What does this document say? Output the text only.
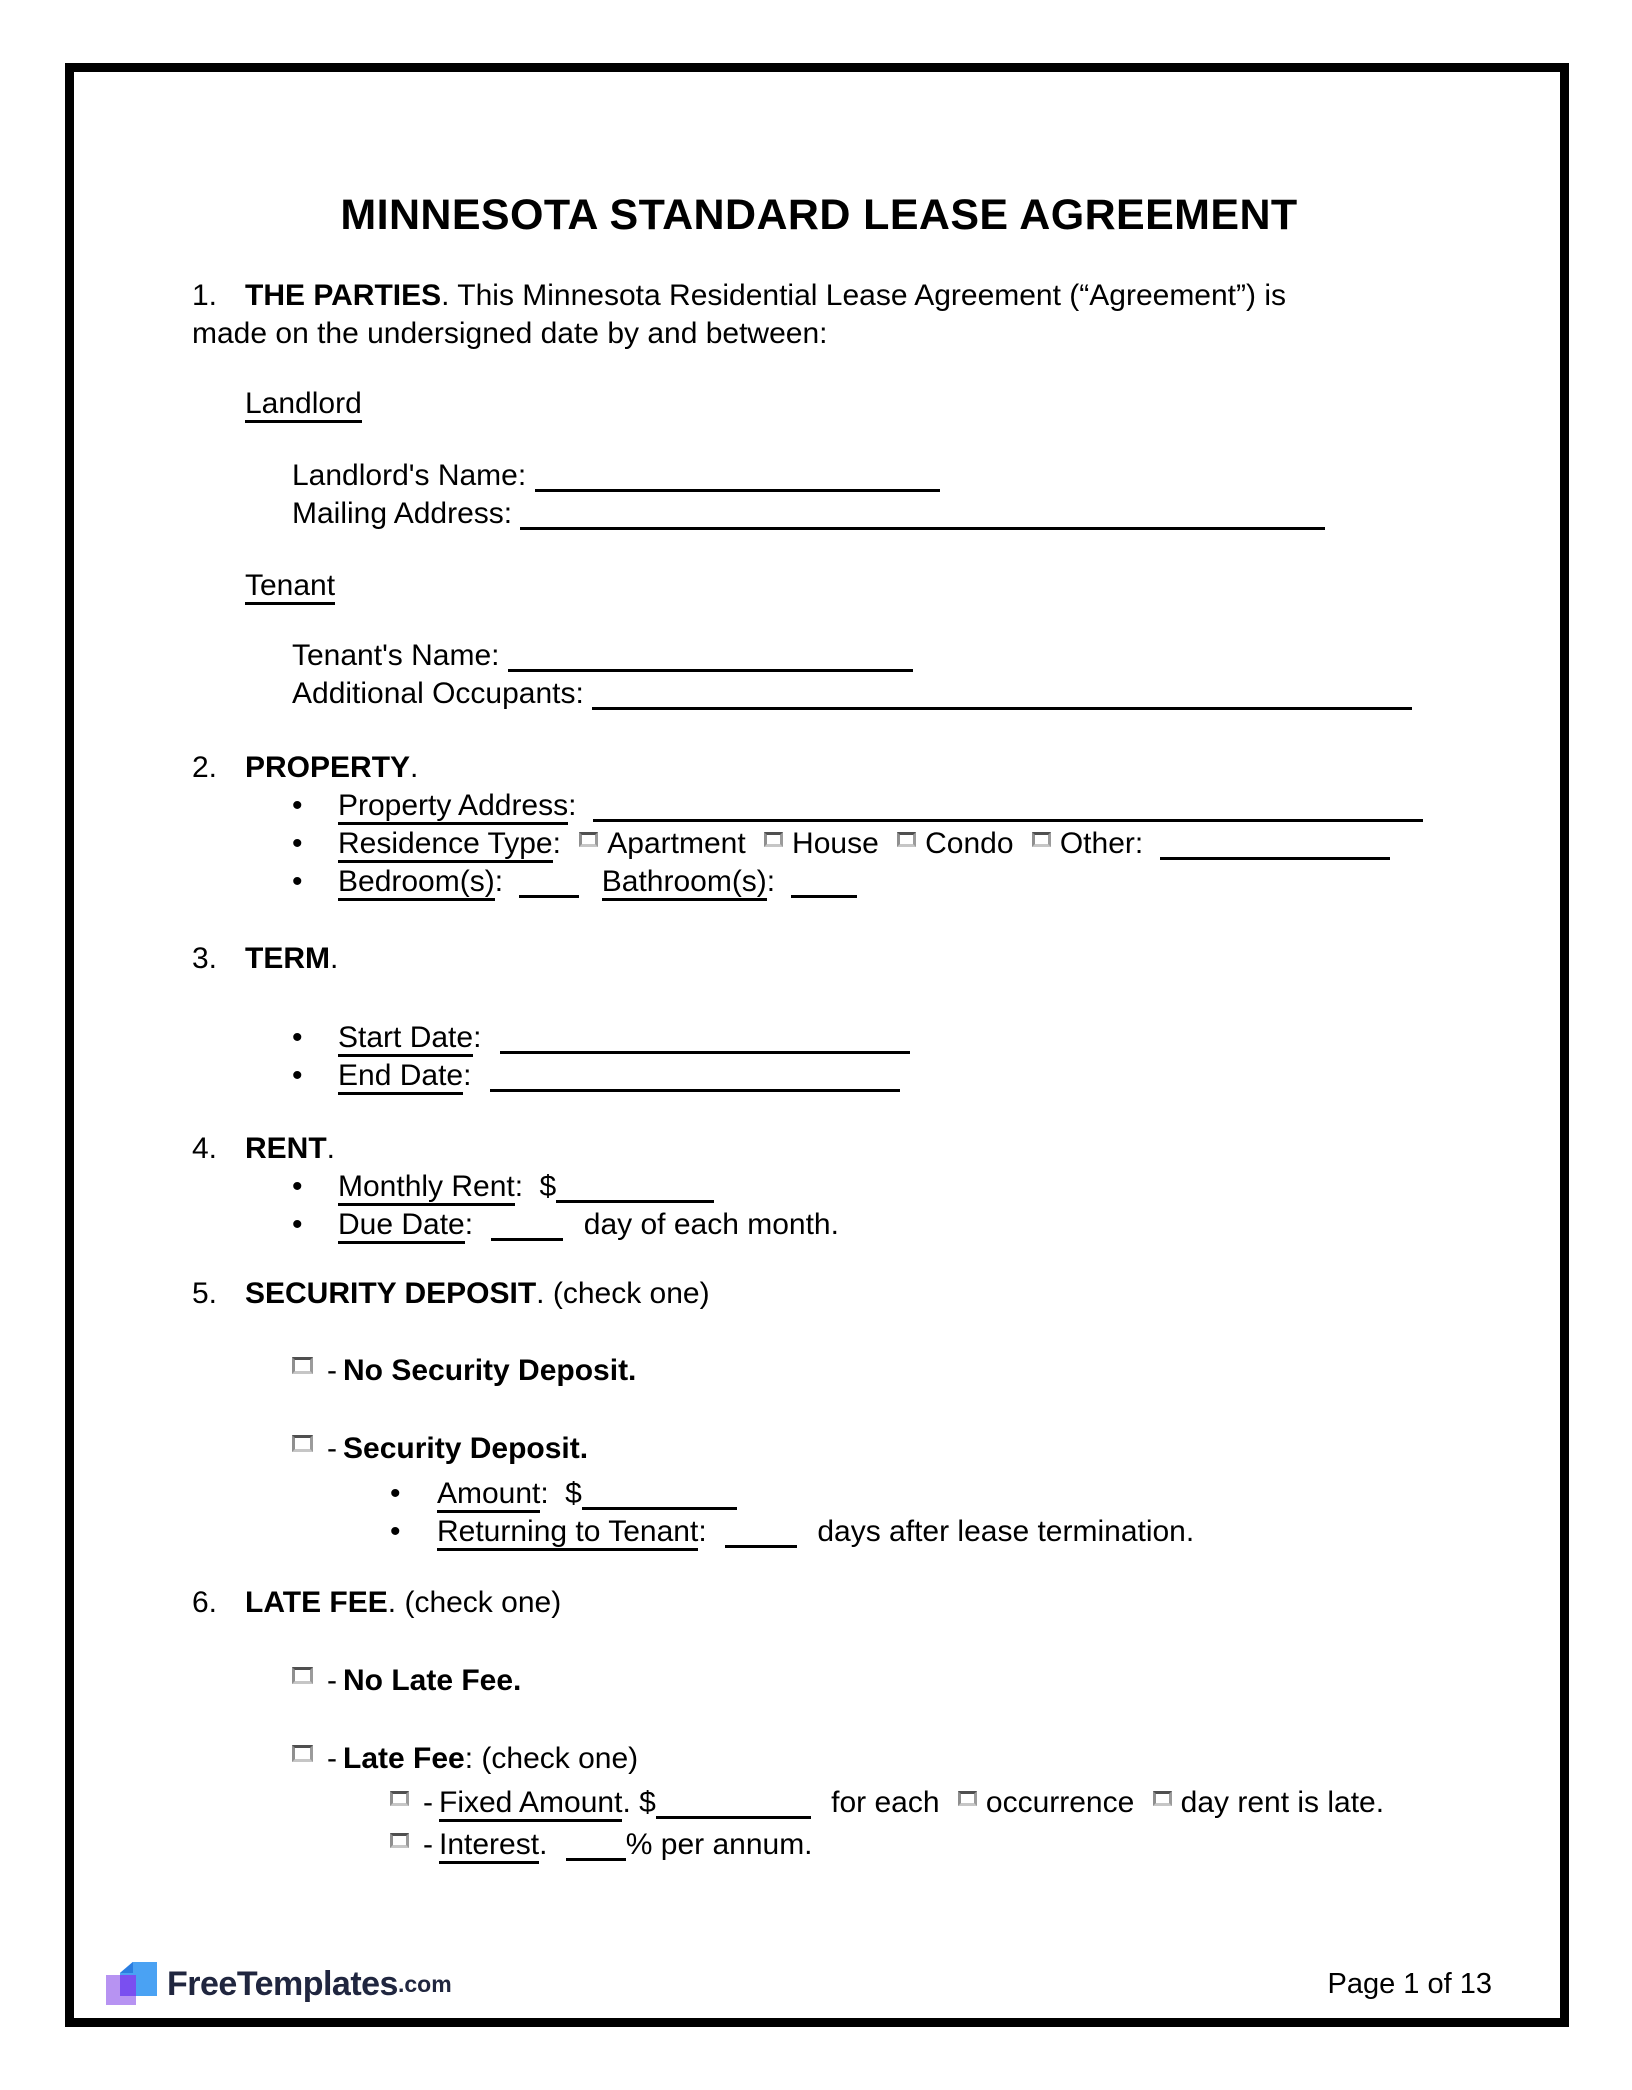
MINNESOTA STANDARD LEASE AGREEMENT
1. THE PARTIES. This Minnesota Residential Lease Agreement (“Agreement”) is
made on the undersigned date by and between:
Landlord
Landlord's Name:
Mailing Address:
Tenant
Tenant's Name:
Additional Occupants:
2. PROPERTY.
• Property Address:
• Residence Type: Apartment House Condo Other:
• Bedroom(s):	Bathroom(s):
3. TERM.
• Start Date:
• End Date:
4. RENT.
• Monthly Rent: $
• Due Date:	day of each month.
5. SECURITY DEPOSIT. (check one)
- No Security Deposit.
- Security Deposit.
• Amount: $
• Returning to Tenant:	days after lease termination.
6. LATE FEE. (check one)
- No Late Fee.
- Late Fee: (check one)
- Fixed Amount. $	for each occurrence day rent is late.
- Interest.	% per annum.
FreeTemplates .com	Page 1 of 13
